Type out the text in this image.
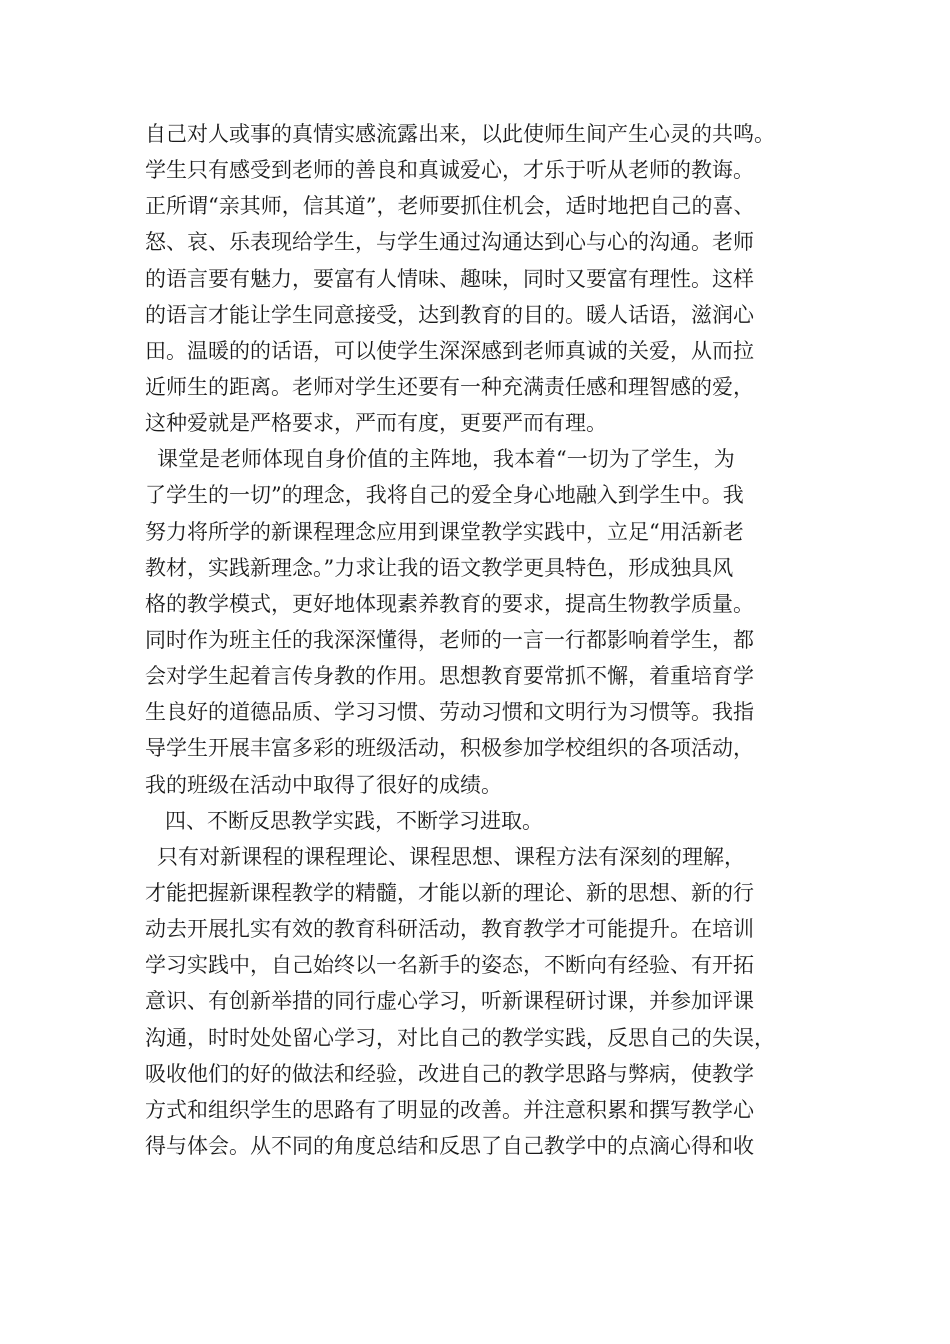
自己对人或事的真情实感流露出来，以此使师生间产生心灵的共鸣。
学生只有感受到老师的善良和真诚爱心，才乐于听从老师的教诲。
正所谓“亲其师，信其道”，老师要抓住机会，适时地把自己的喜、
怒、哀、乐表现给学生，与学生通过沟通达到心与心的沟通。老师
的语言要有魅力，要富有人情味、趣味，同时又要富有理性。这样
的语言才能让学生同意接受，达到教育的目的。暖人话语，滋润心
田。温暖的的话语，可以使学生深深感到老师真诚的关爱，从而拉
近师生的距离。老师对学生还要有一种充满责任感和理智感的爱，
这种爱就是严格要求，严而有度，更要严而有理。
课堂是老师体现自身价值的主阵地，我本着“一切为了学生，为
了学生的一切”的理念，我将自己的爱全身心地融入到学生中。我
努力将所学的新课程理念应用到课堂教学实践中，立足“用活新老
教材，实践新理念。”力求让我的语文教学更具特色，形成独具风
格的教学模式，更好地体现素养教育的要求，提高生物教学质量。
同时作为班主任的我深深懂得，老师的一言一行都影响着学生，都
会对学生起着言传身教的作用。思想教育要常抓不懈，着重培育学
生良好的道德品质、学习习惯、劳动习惯和文明行为习惯等。我指
导学生开展丰富多彩的班级活动，积极参加学校组织的各项活动，
我的班级在活动中取得了很好的成绩。
四、不断反思教学实践，不断学习进取。
只有对新课程的课程理论、课程思想、课程方法有深刻的理解，
才能把握新课程教学的精髓，才能以新的理论、新的思想、新的行
动去开展扎实有效的教育科研活动，教育教学才可能提升。在培训
学习实践中，自己始终以一名新手的姿态，不断向有经验、有开拓
意识、有创新举措的同行虚心学习，听新课程研讨课，并参加评课
沟通，时时处处留心学习，对比自己的教学实践，反思自己的失误，
吸收他们的好的做法和经验，改进自己的教学思路与弊病，使教学
方式和组织学生的思路有了明显的改善。并注意积累和撰写教学心
得与体会。从不同的角度总结和反思了自己教学中的点滴心得和收
